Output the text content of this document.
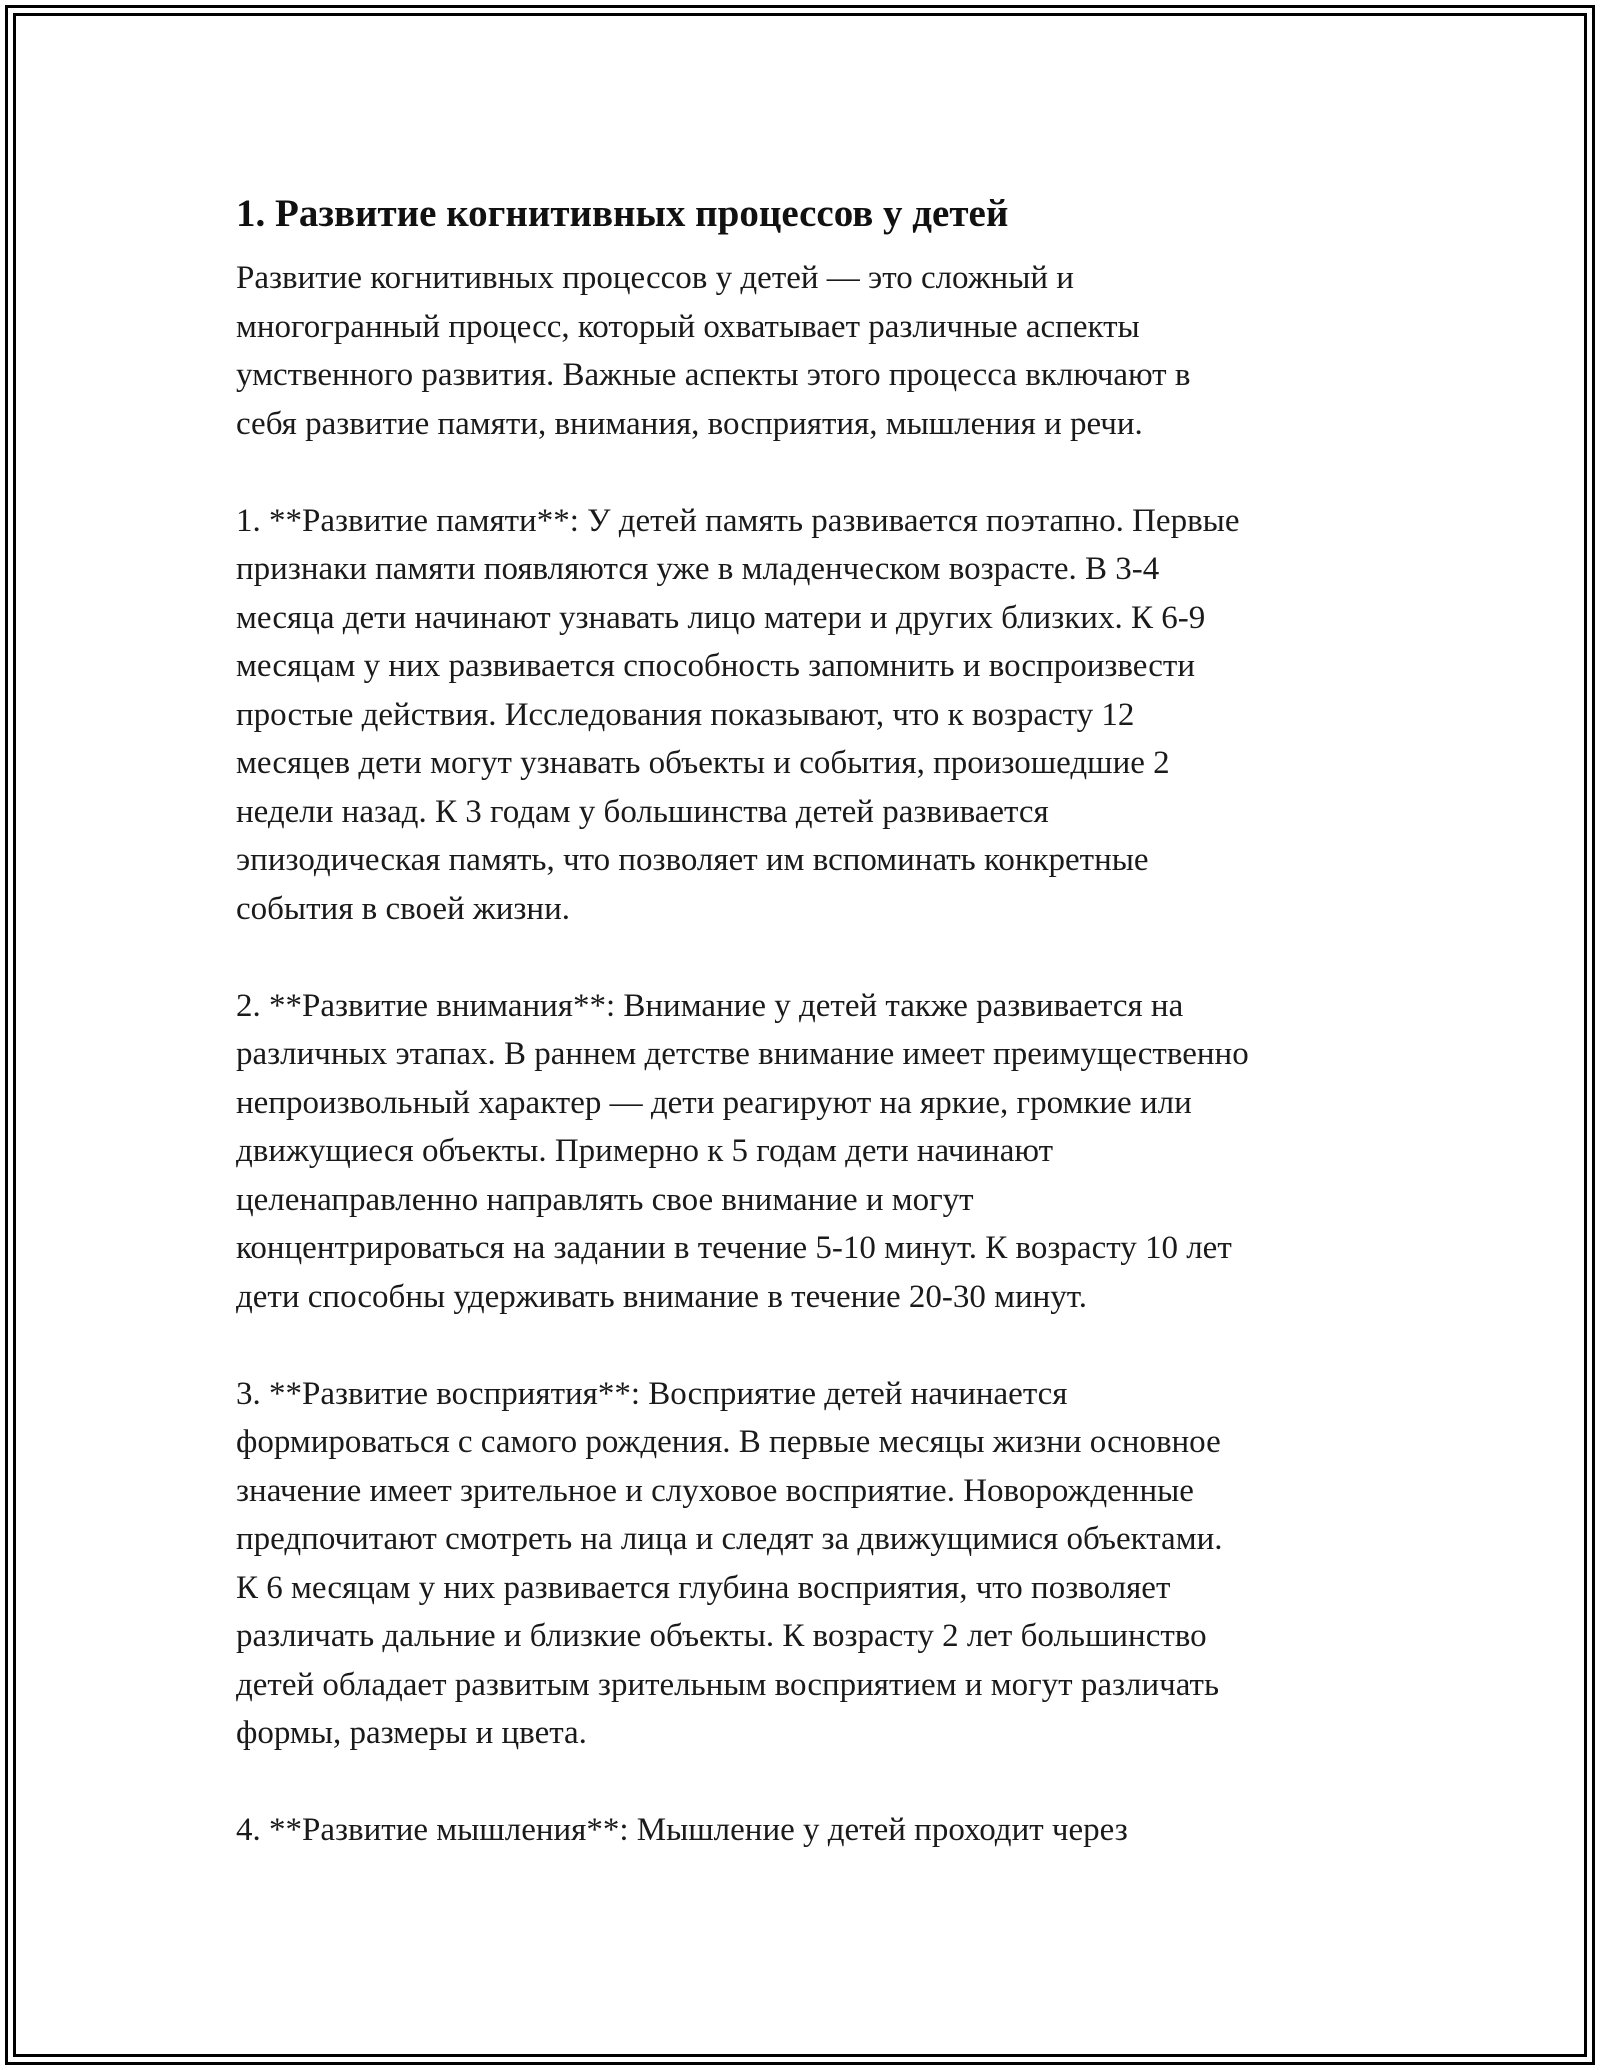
1. Развитие когнитивных процессов у детей
Развитие когнитивных процессов у детей — это сложный и
многогранный процесс, который охватывает различные аспекты
умственного развития. Важные аспекты этого процесса включают в
себя развитие памяти, внимания, восприятия, мышления и речи.
1. **Развитие памяти**: У детей память развивается поэтапно. Первые
признаки памяти появляются уже в младенческом возрасте. В 3-4
месяца дети начинают узнавать лицо матери и других близких. К 6-9
месяцам у них развивается способность запомнить и воспроизвести
простые действия. Исследования показывают, что к возрасту 12
месяцев дети могут узнавать объекты и события, произошедшие 2
недели назад. К 3 годам у большинства детей развивается
эпизодическая память, что позволяет им вспоминать конкретные
события в своей жизни.
2. **Развитие внимания**: Внимание у детей также развивается на
различных этапах. В раннем детстве внимание имеет преимущественно
непроизвольный характер — дети реагируют на яркие, громкие или
движущиеся объекты. Примерно к 5 годам дети начинают
целенаправленно направлять свое внимание и могут
концентрироваться на задании в течение 5-10 минут. К возрасту 10 лет
дети способны удерживать внимание в течение 20-30 минут.
3. **Развитие восприятия**: Восприятие детей начинается
формироваться с самого рождения. В первые месяцы жизни основное
значение имеет зрительное и слуховое восприятие. Новорожденные
предпочитают смотреть на лица и следят за движущимися объектами.
К 6 месяцам у них развивается глубина восприятия, что позволяет
различать дальние и близкие объекты. К возрасту 2 лет большинство
детей обладает развитым зрительным восприятием и могут различать
формы, размеры и цвета.
4. **Развитие мышления**: Мышление у детей проходит через
